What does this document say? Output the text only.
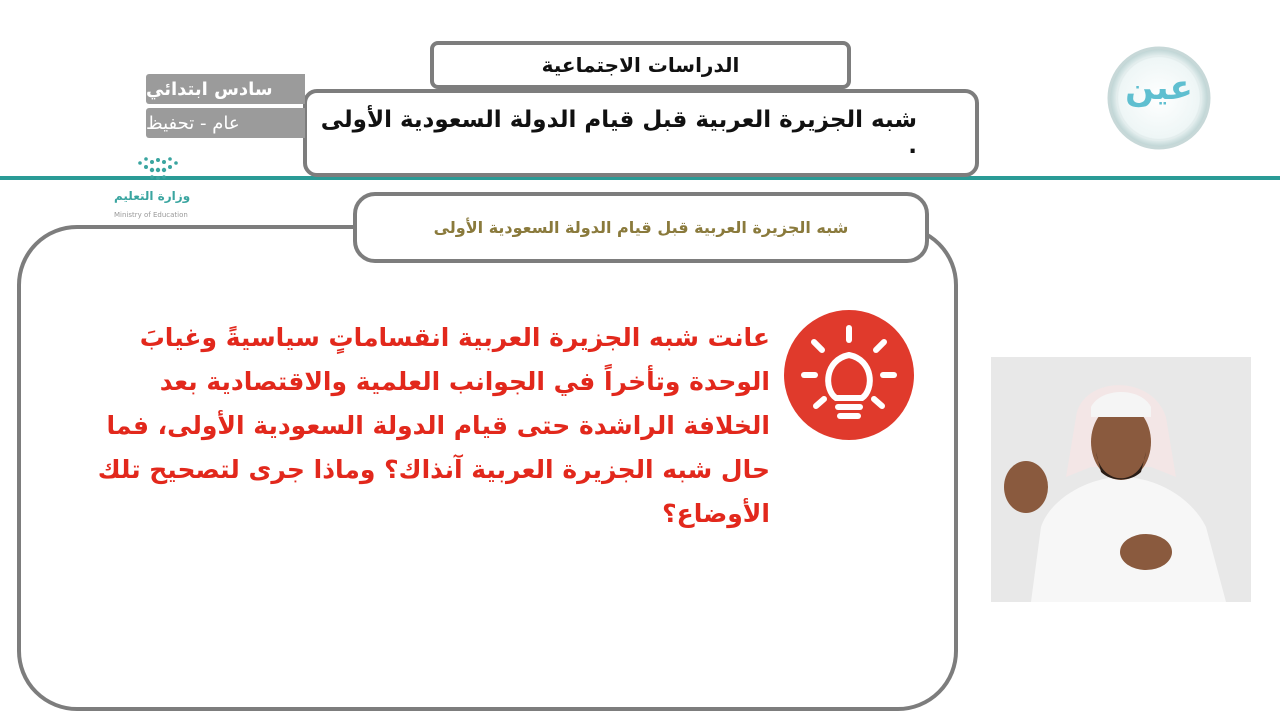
الدراسات الاجتماعية
شبه الجزيرة العربية قبل قيام الدولة السعودية الأولى .
سادس ابتدائي
عام - تحفيظ
وزارة التعليم
Ministry of Education
شبه الجزيرة العربية قبل قيام الدولة السعودية الأولى
عانت شبه الجزيرة العربية انقساماتٍ سياسيةً وغيابَ الوحدة وتأخراً في الجوانب العلمية والاقتصادية بعد الخلافة الراشدة حتى قيام الدولة السعودية الأولى، فما حال شبه الجزيرة العربية آنذاك؟ وماذا جرى لتصحيح تلك الأوضاع؟
عين
